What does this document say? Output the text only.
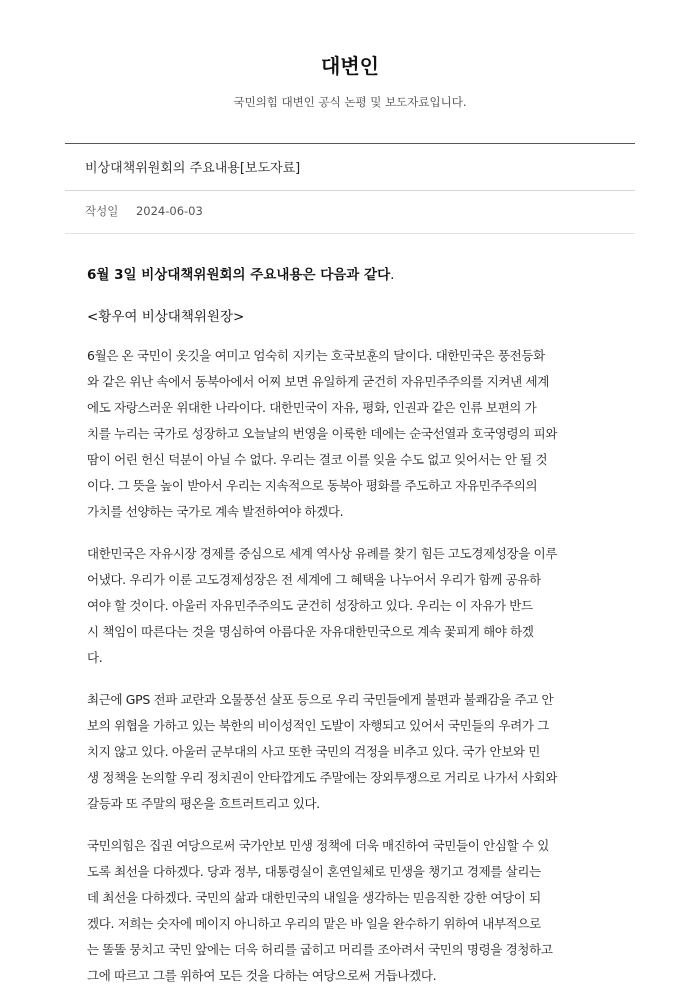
대변인
국민의힘 대변인 공식 논평 및 보도자료입니다.
비상대책위원회의 주요내용[보도자료]
작성일 2024-06-03

6월 3일 비상대책위원회의 주요내용은 다음과 같다.

<황우여 비상대책위원장>

6월은 온 국민이 옷깃을 여미고 엄숙히 지키는 호국보훈의 달이다. 대한민국은 풍전등화
와 같은 위난 속에서 동북아에서 어찌 보면 유일하게 굳건히 자유민주주의를 지켜낸 세계
에도 자랑스러운 위대한 나라이다. 대한민국이 자유, 평화, 인권과 같은 인류 보편의 가
치를 누리는 국가로 성장하고 오늘날의 번영을 이룩한 데에는 순국선열과 호국영령의 피와
땀이 어린 헌신 덕분이 아닐 수 없다. 우리는 결코 이를 잊을 수도 없고 잊어서는 안 될 것
이다. 그 뜻을 높이 받아서 우리는 지속적으로 동북아 평화를 주도하고 자유민주주의의
가치를 선양하는 국가로 계속 발전하여야 하겠다.

대한민국은 자유시장 경제를 중심으로 세계 역사상 유례를 찾기 힘든 고도경제성장을 이루
어냈다. 우리가 이룬 고도경제성장은 전 세계에 그 혜택을 나누어서 우리가 함께 공유하
여야 할 것이다. 아울러 자유민주주의도 굳건히 성장하고 있다. 우리는 이 자유가 반드
시 책임이 따른다는 것을 명심하여 아름다운 자유대한민국으로 계속 꽃피게 해야 하겠
다.

최근에 GPS 전파 교란과 오물풍선 살포 등으로 우리 국민들에게 불편과 불쾌감을 주고 안
보의 위협을 가하고 있는 북한의 비이성적인 도발이 자행되고 있어서 국민들의 우려가 그
치지 않고 있다. 아울러 군부대의 사고 또한 국민의 걱정을 비추고 있다. 국가 안보와 민
생 정책을 논의할 우리 정치권이 안타깝게도 주말에는 장외투쟁으로 거리로 나가서 사회와
갈등과 또 주말의 평온을 흐트러트리고 있다.

국민의힘은 집권 여당으로써 국가안보 민생 정책에 더욱 매진하여 국민들이 안심할 수 있
도록 최선을 다하겠다. 당과 정부, 대통령실이 혼연일체로 민생을 챙기고 경제를 살리는
데 최선을 다하겠다. 국민의 삶과 대한민국의 내일을 생각하는 믿음직한 강한 여당이 되
겠다. 저희는 숫자에 메이지 아니하고 우리의 맡은 바 일을 완수하기 위하여 내부적으로
는 똘똘 뭉치고 국민 앞에는 더욱 허리를 굽히고 머리를 조아려서 국민의 명령을 경청하고
그에 따르고 그를 위하여 모든 것을 다하는 여당으로써 거듭나겠다.
